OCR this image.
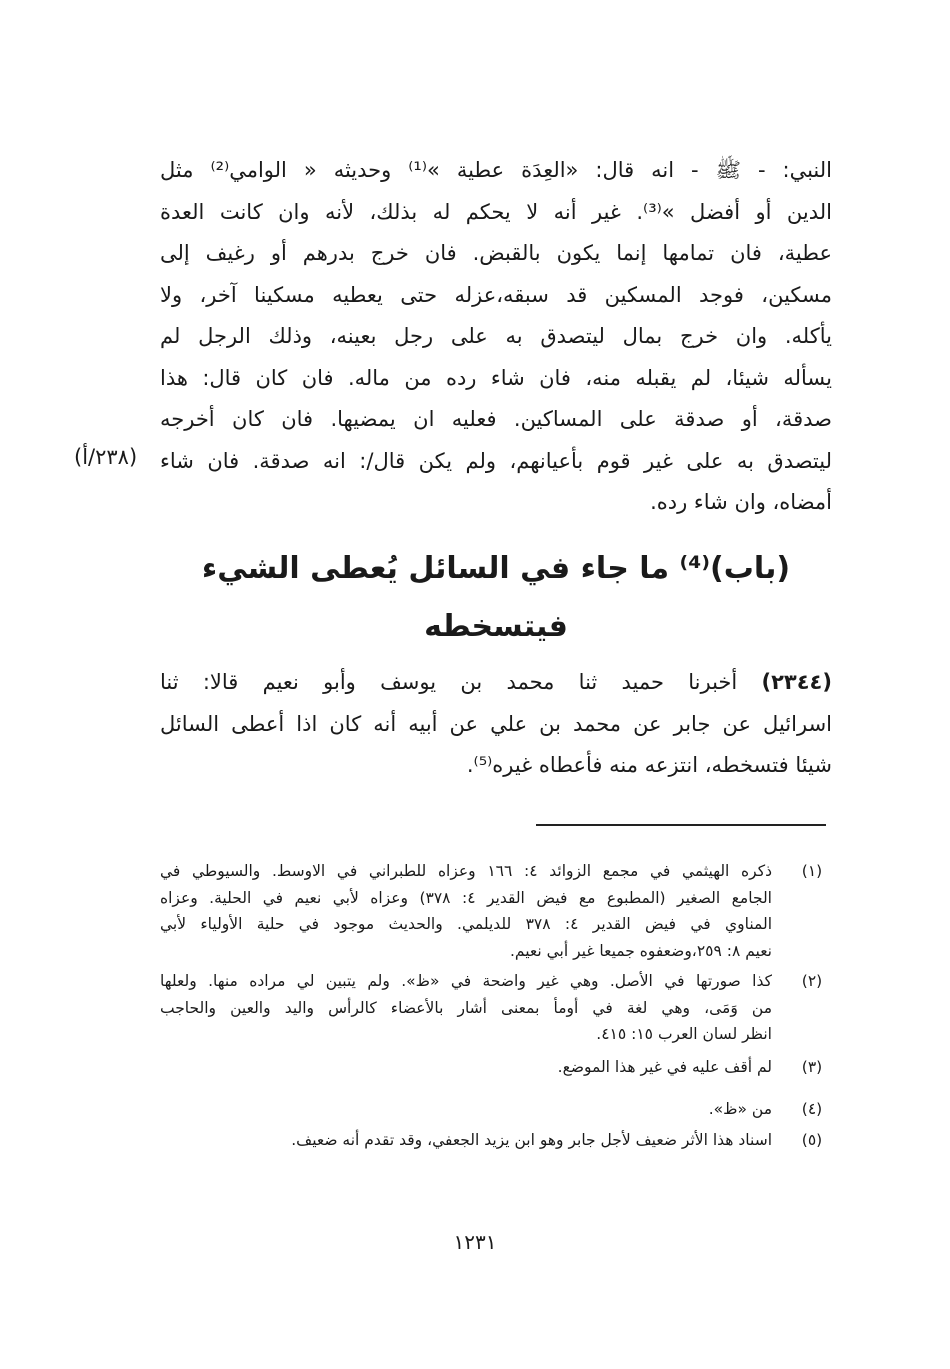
النبي: - ﷺ - انه قال: «العِدَة عطية »⁽¹⁾ وحديثه « الوامي⁽²⁾ مثل
الدين أو أفضل »⁽³⁾. غير أنه لا يحكم له بذلك، لأنه وان كانت العدة
عطية، فان تمامها إنما يكون بالقبض. فان خرج بدرهم أو رغيف إلى
مسكين، فوجد المسكين قد سبقه،عزله حتى يعطيه مسكينا آخر، ولا
يأكله. وان خرج بمال ليتصدق به على رجل بعينه، وذلك الرجل لم
يسأله شيئا، لم يقبله منه، فان شاء رده من ماله. فان كان قال: هذا
صدقة، أو صدقة على المساكين. فعليه ان يمضيها. فان كان أخرجه
ليتصدق به على غير قوم بأعيانهم، ولم يكن قال/: انه صدقة. فان شاء
أمضاه، وان شاء رده.
(٢٣٨/أ)
(باب)⁽⁴⁾ ما جاء في السائل يُعطى الشيء
فيتسخطه
(٢٣٤٤) أخبرنا حميد ثنا محمد بن يوسف وأبو نعيم قالا: ثنا
اسرائيل عن جابر عن محمد بن علي عن أبيه أنه كان اذا أعطى السائل
شيئا فتسخطه، انتزعه منه فأعطاه غيره⁽⁵⁾.
(١)
ذكره الهيثمي في مجمع الزوائد ٤: ١٦٦ وعزاه للطبراني في الاوسط. والسيوطي في
الجامع الصغير (المطبوع مع فيض القدير ٤: ٣٧٨) وعزاه لأبي نعيم في الحلية. وعزاه
المناوي في فيض القدير ٤: ٣٧٨ للديلمي. والحديث موجود في حلية الأولياء لأبي
نعيم ٨: ٢٥٩،وضعفوه جميعا غير أبي نعيم.
(٢)
كذا صورتها في الأصل. وهي غير واضحة في «ظ». ولم يتبين لي مراده منها. ولعلها
من وَمَى، وهي لغة في أومأ بمعنى أشار بالأعضاء كالرأس واليد والعين والحاجب
انظر لسان العرب ١٥: ٤١٥.
(٣)
لم أقف عليه في غير هذا الموضع.
(٤)
من «ظ».
(٥)
اسناد هذا الأثر ضعيف لأجل جابر وهو ابن يزيد الجعفي، وقد تقدم أنه ضعيف.
١٢٣١
